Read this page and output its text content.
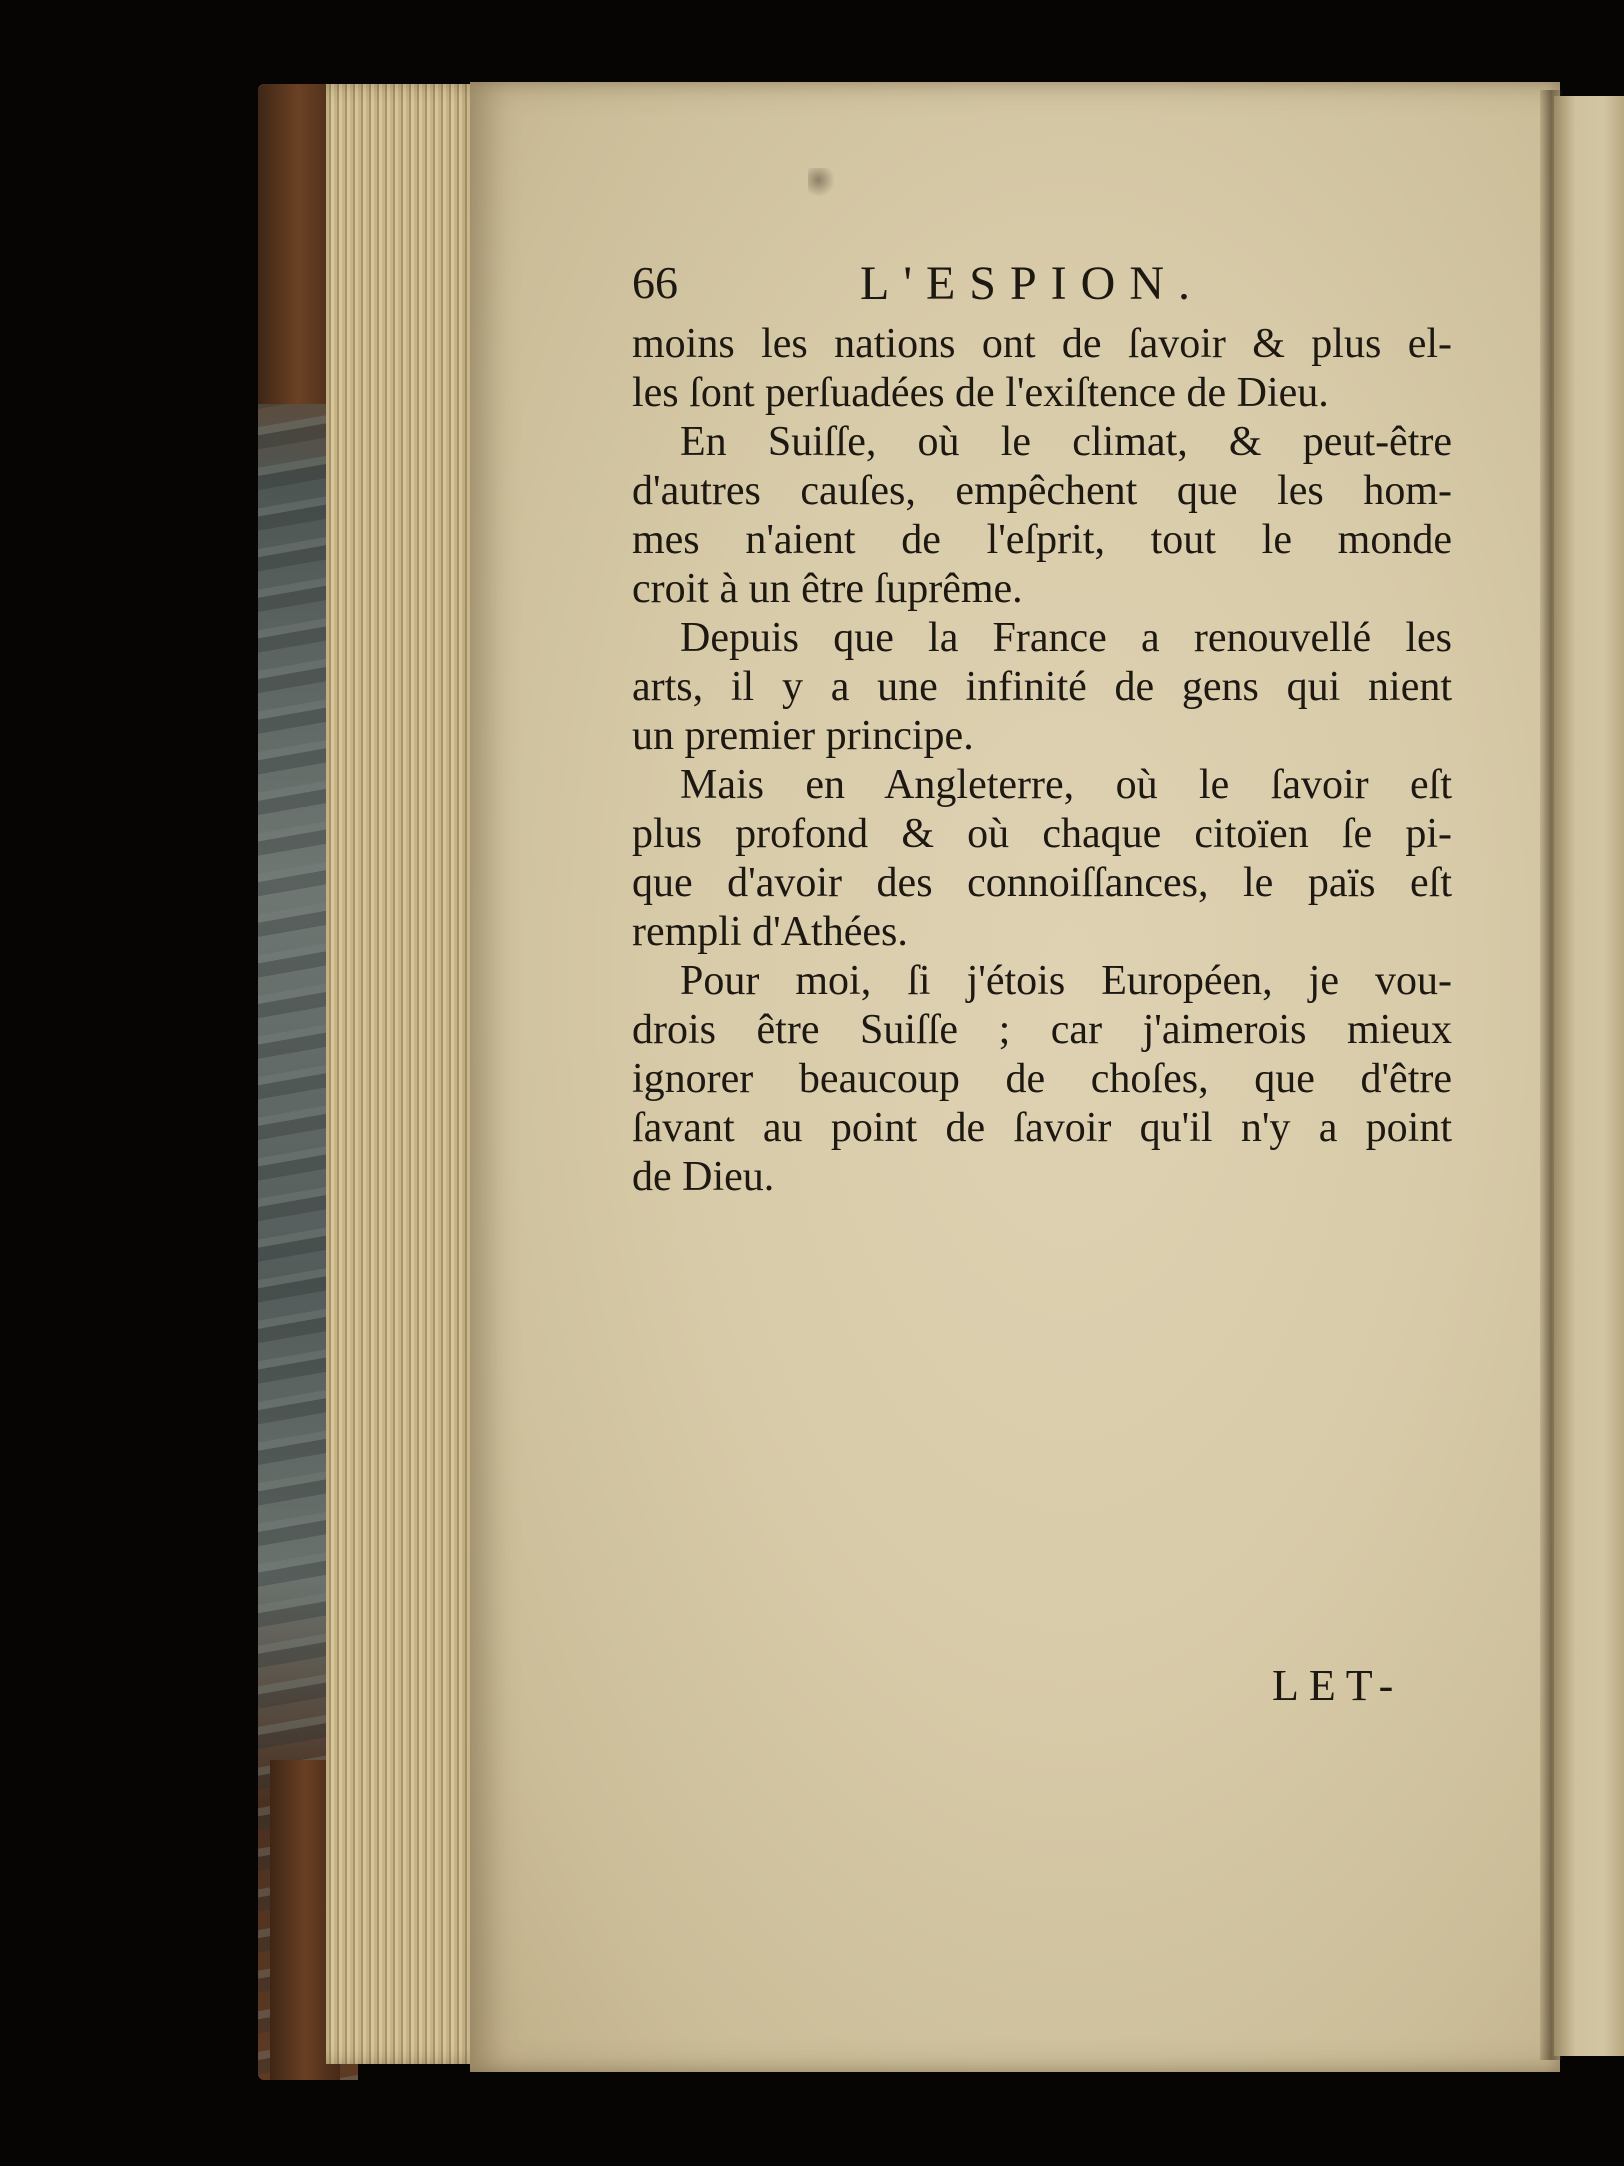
66	L'ESPION.
moins les nations ont de ſavoir & plus el-
les ſont perſuadées de l'exiſtence de Dieu.
En Suiſſe, où le climat, & peut-être
d'autres cauſes, empêchent que les hom-
mes n'aient de l'eſprit, tout le monde
croit à un être ſuprême.
Depuis que la France a renouvellé les
arts, il y a une infinité de gens qui nient
un premier principe.
Mais en Angleterre, où le ſavoir eſt
plus profond & où chaque citoïen ſe pi-
que d'avoir des connoiſſances, le païs eſt
rempli d'Athées.
Pour moi, ſi j'étois Européen, je vou-
drois être Suiſſe ; car j'aimerois mieux
ignorer beaucoup de choſes, que d'être
ſavant au point de ſavoir qu'il n'y a point
de Dieu.
LET-
